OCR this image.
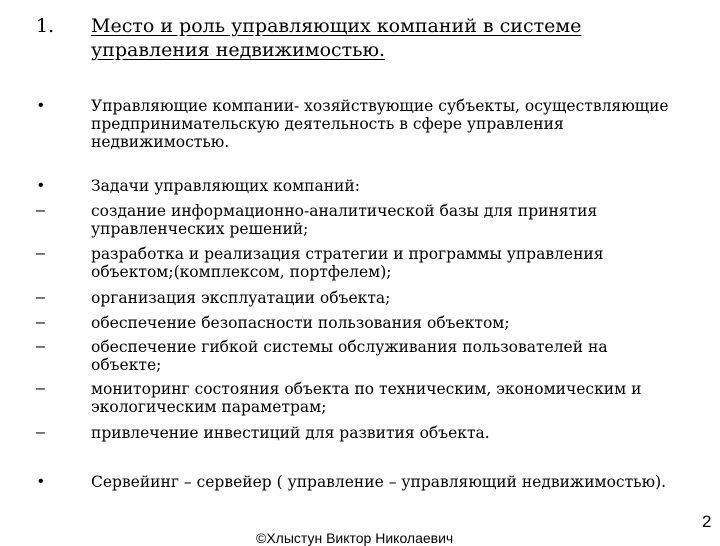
1. Место и роль управляющих компаний в системе управления недвижимостью.
•	Управляющие компании- хозяйствующие субъекты, осуществляющие предпринимательскую деятельность в сфере управления недвижимостью.
•	Задачи управляющих компаний:
–	создание информационно-аналитической базы для принятия управленческих решений;
–	разработка и реализация стратегии и программы управления объектом;(комплексом, портфелем);
–	организация эксплуатации объекта;
–	обеспечение безопасности пользования объектом;
–	обеспечение гибкой системы обслуживания пользователей на объекте;
–	мониторинг состояния объекта по техническим, экономическим и экологическим параметрам;
–	привлечение инвестиций для развития объекта.
•	Сервейинг – сервейер ( управление – управляющий недвижимостью).
©Хлыстун Виктор Николаевич
2
